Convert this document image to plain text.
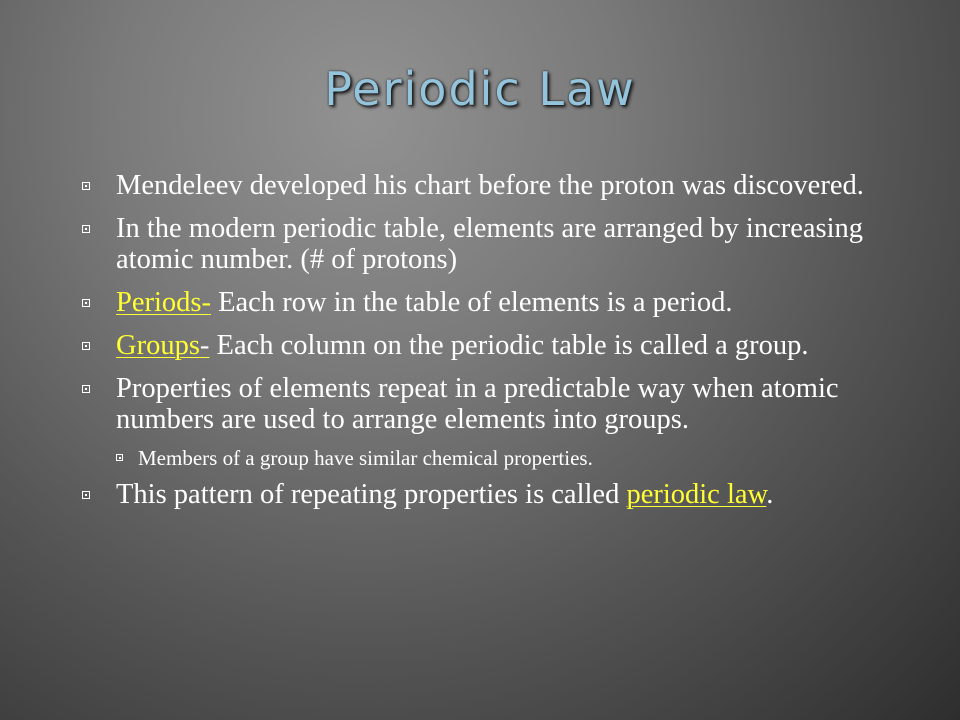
Periodic Law
Mendeleev developed his chart before the proton was discovered.
In the modern periodic table, elements are arranged by increasing atomic number. (# of protons)
Periods- Each row in the table of elements is a period.
Groups- Each column on the periodic table is called a group.
Properties of elements repeat in a predictable way when atomic numbers are used to arrange elements into groups.
Members of a group have similar chemical properties.
This pattern of repeating properties is called periodic law.
